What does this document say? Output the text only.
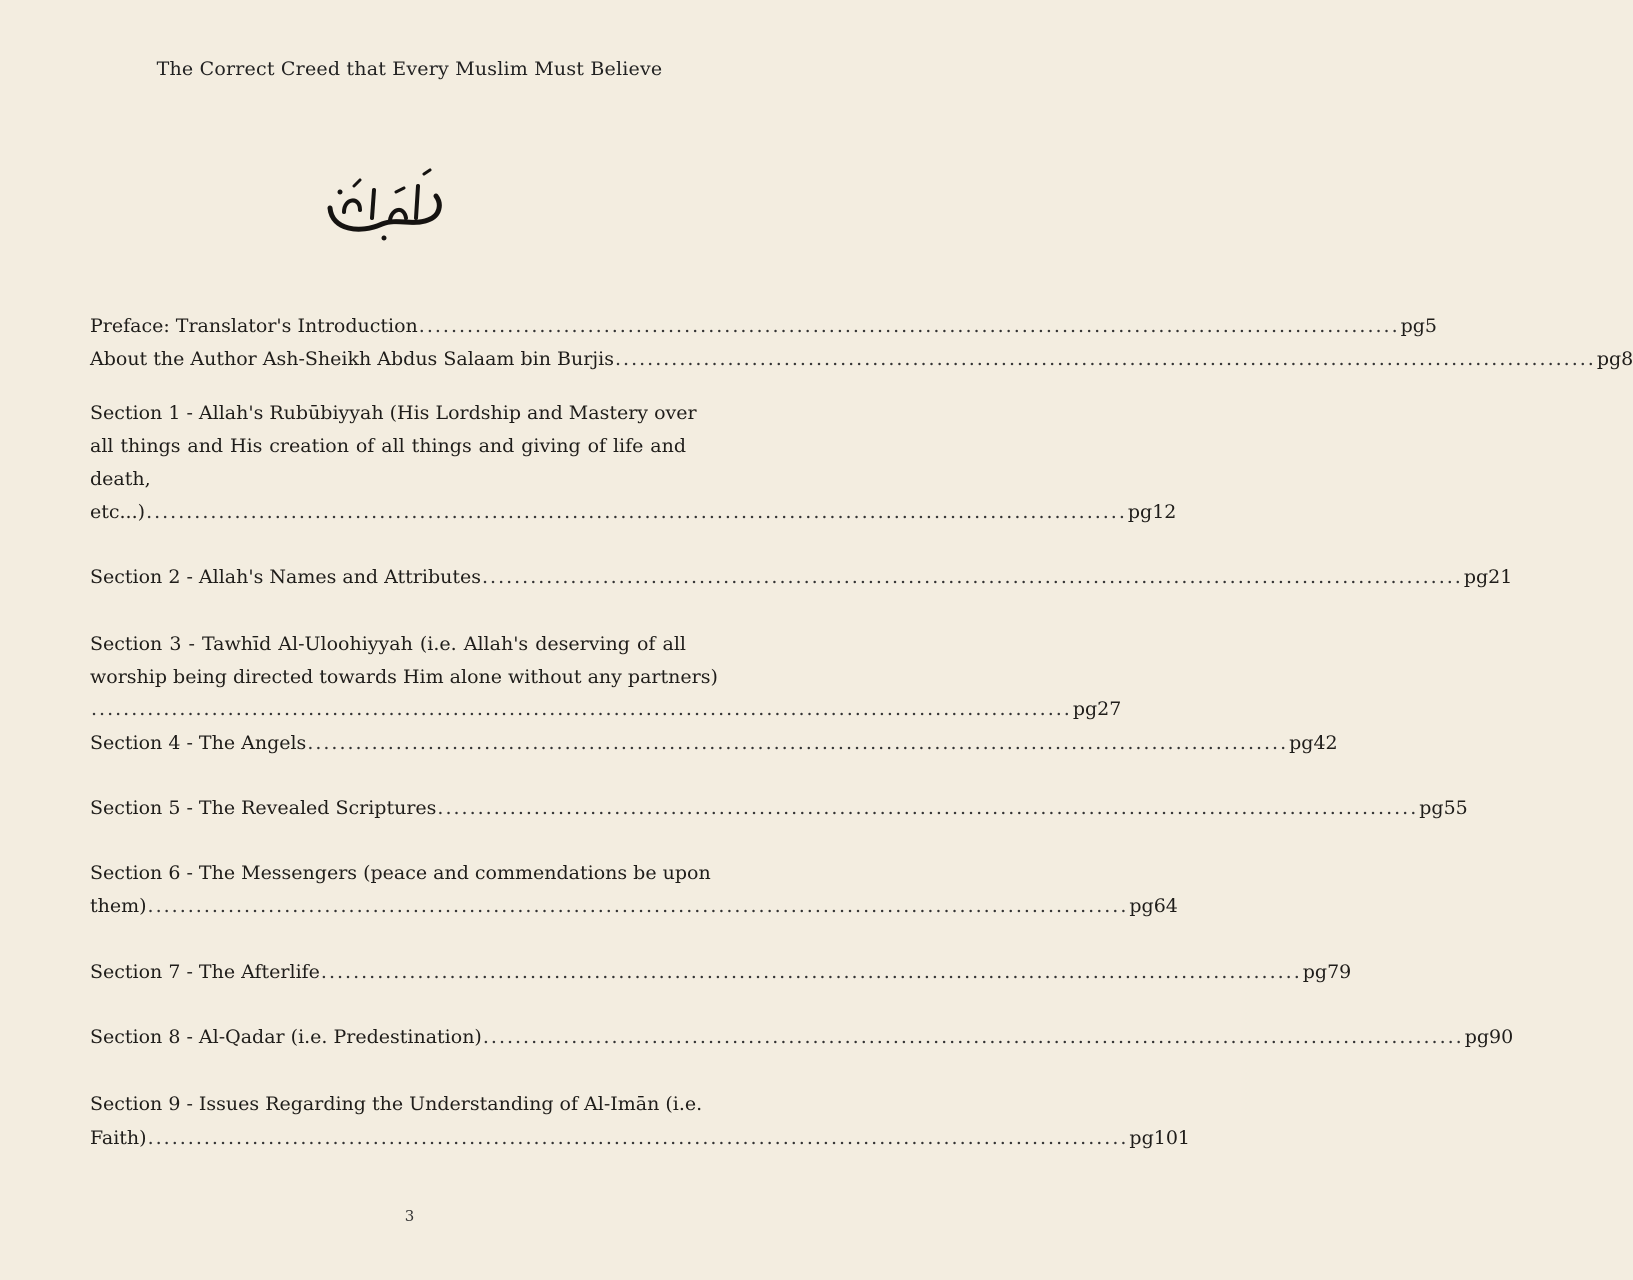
The Correct Creed that Every Muslim Must Believe
Preface: Translator's Introduction .......................................................................................................................... pg5
About the Author Ash-Sheikh Abdus Salaam bin Burjis .......................................................................................................................... pg8
Section 1 - Allah's Rubūbiyyah (His Lordship and Mastery over
all things and His creation of all things and giving of life and
death,
etc...) .......................................................................................................................... pg12
Section 2 - Allah's Names and Attributes .......................................................................................................................... pg21
Section 3 - Tawhīd Al-Uloohiyyah (i.e. Allah's deserving of all
worship being directed towards Him alone without any partners)
.......................................................................................................................... pg27
Section 4 - The Angels .......................................................................................................................... pg42
Section 5 - The Revealed Scriptures .......................................................................................................................... pg55
Section 6 - The Messengers (peace and commendations be upon
them) .......................................................................................................................... pg64
Section 7 - The Afterlife .......................................................................................................................... pg79
Section 8 - Al-Qadar (i.e. Predestination) .......................................................................................................................... pg90
Section 9 - Issues Regarding the Understanding of Al-Imān (i.e.
Faith) .......................................................................................................................... pg101
3
